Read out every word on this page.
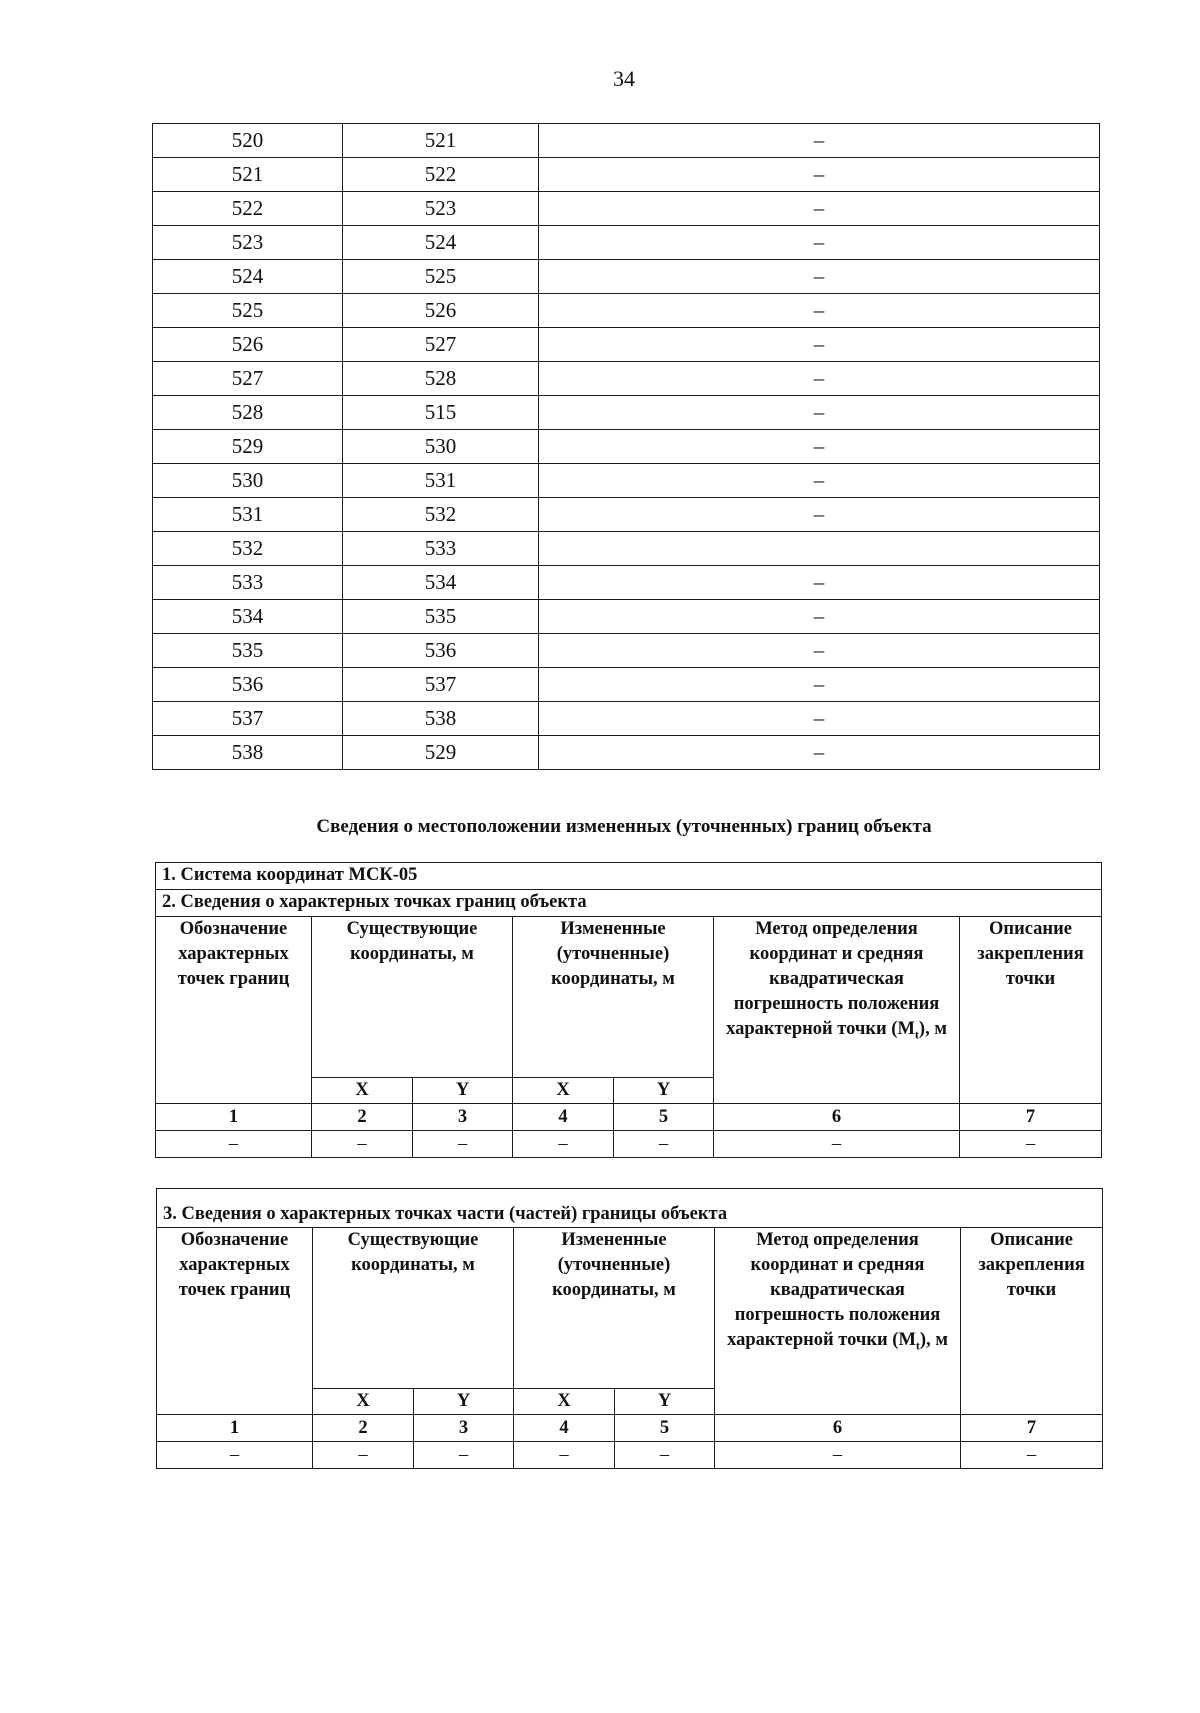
34
520	521	–
521	522	–
522	523	–
523	524	–
524	525	–
525	526	–
526	527	–
527	528	–
528	515	–
529	530	–
530	531	–
531	532	–
532	533	
533	534	–
534	535	–
535	536	–
536	537	–
537	538	–
538	529	–
Сведения о местоположении измененных (уточненных) границ объекта
1. Система координат МСК-05						
2. Сведения о характерных точках границ объекта						
Обозначение характерных точек границ	Существующие координаты, м		Измененные (уточненные) координаты, м		Метод определения координат и средняя квадратическая погрешность положения характерной точки $(M_t)$, м	Описание закрепления точки
	X	Y	X	Y		
1	2	3	4	5	6	7
–	–	–	–	–	–	–
3. Сведения о характерных точках части (частей) границы объекта						
Обозначение характерных точек границ	Существующие координаты, м		Измененные (уточненные) координаты, м		Метод определения координат и средняя квадратическая погрешность положения характерной точки $(M_t)$, м	Описание закрепления точки
	X	Y	X	Y		
1	2	3	4	5	6	7
–	–	–	–	–	–	–
